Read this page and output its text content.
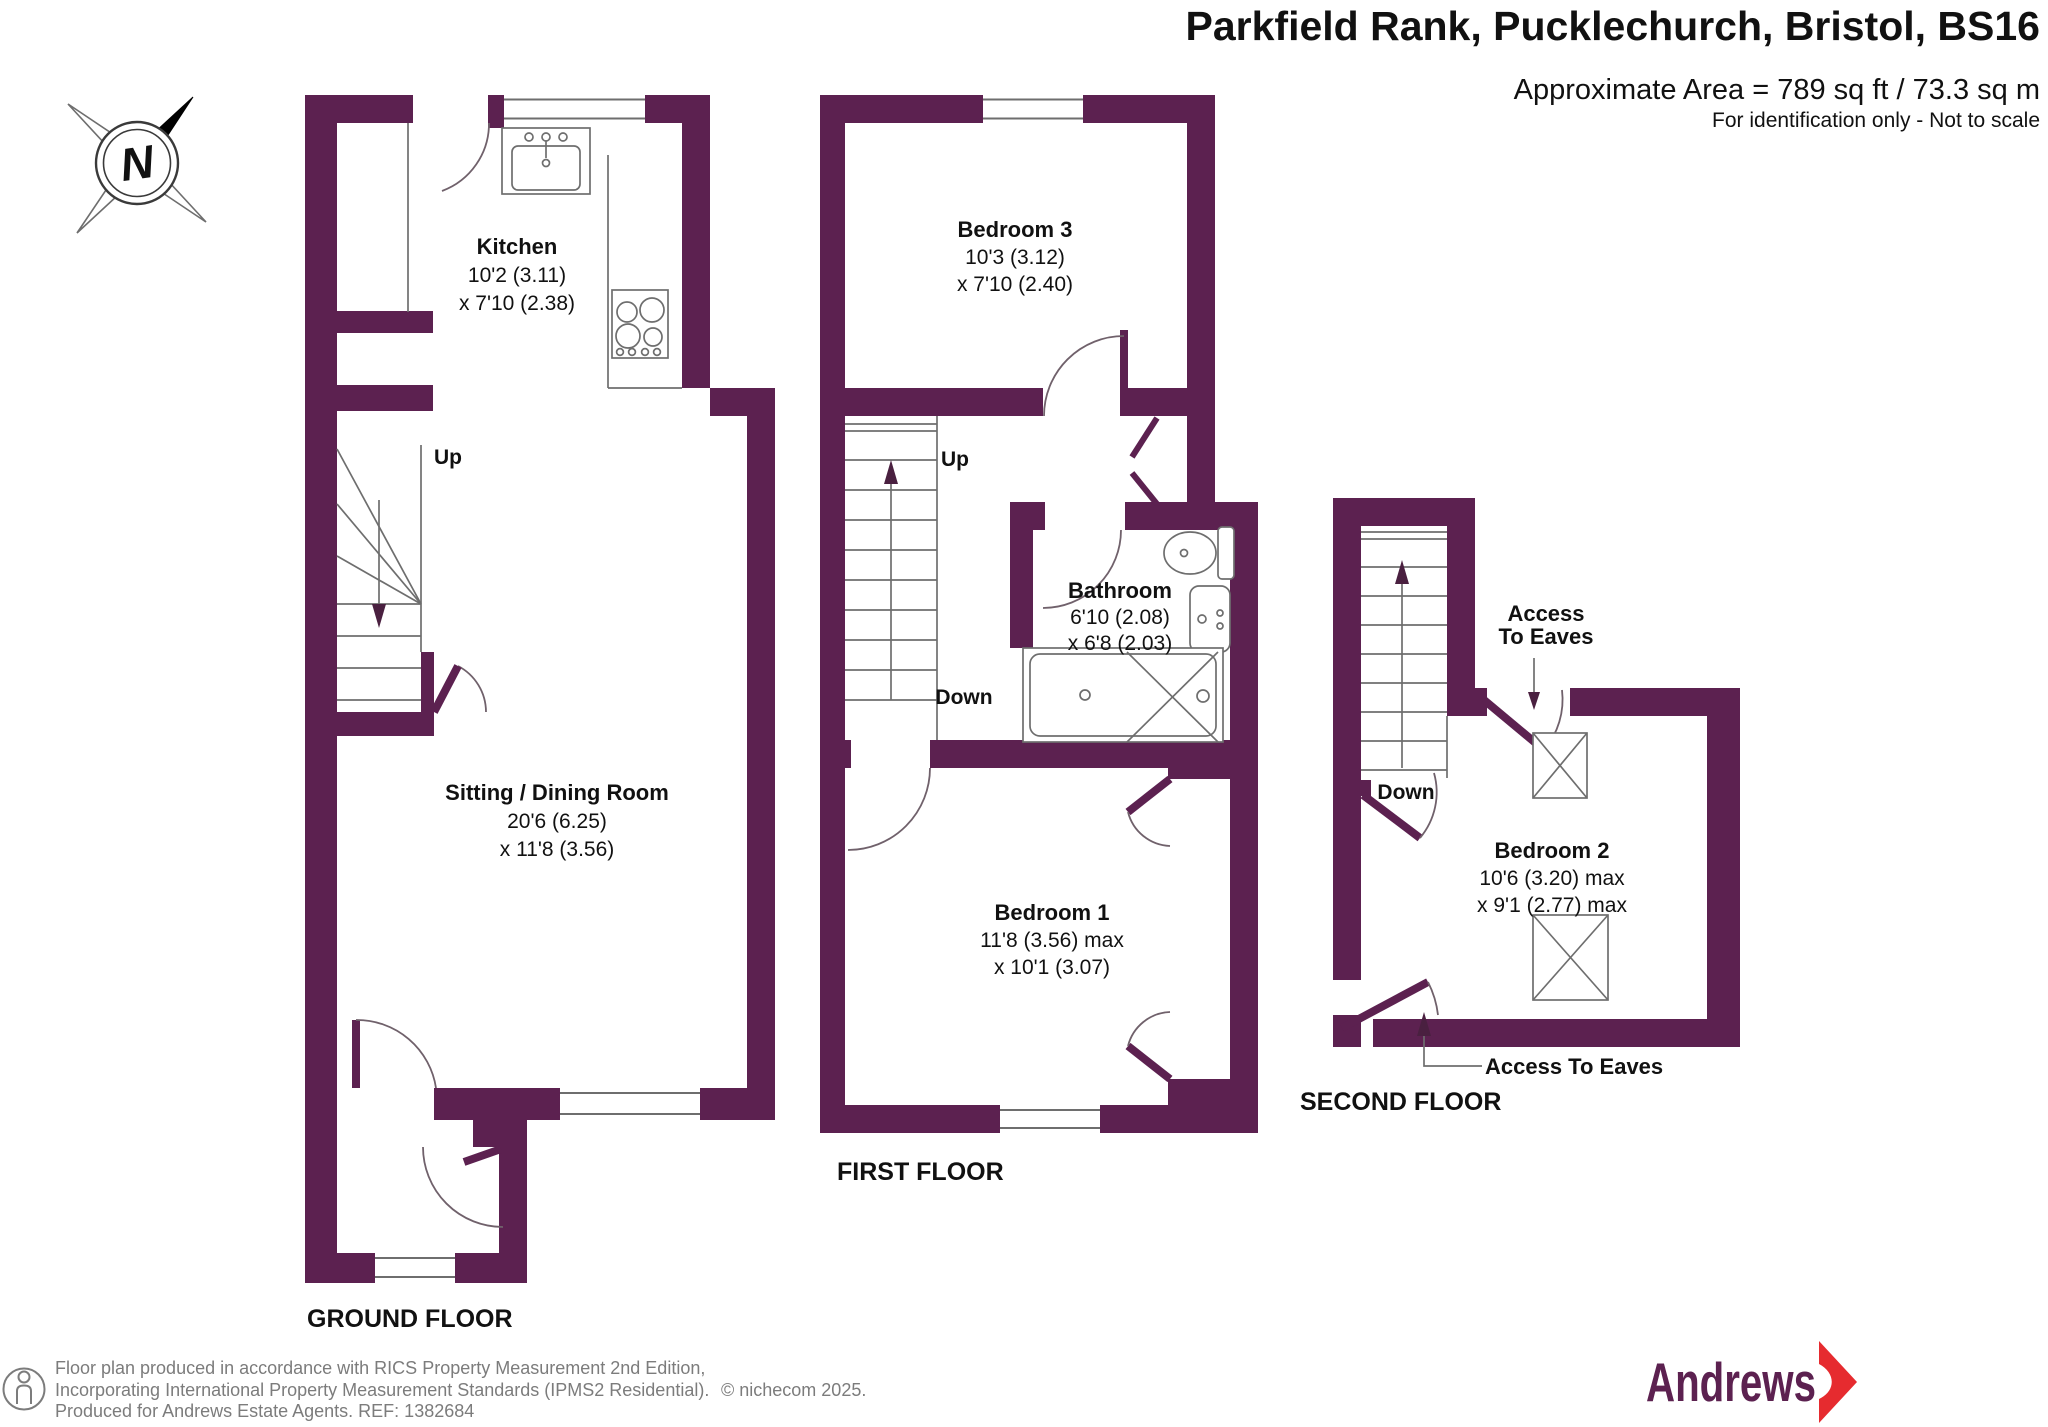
Parkfield Rank, Pucklechurch, Bristol, BS16
Approximate Area = 789 sq ft / 73.3 sq m
For identification only - Not to scale
N
Kitchen
10'2 (3.11)
x 7'10 (2.38)
Up
Sitting / Dining Room
20'6 (6.25)
x 11'8 (3.56)
GROUND FLOOR
Bedroom 3
10'3 (3.12)
x 7'10 (2.40)
Up
Down
Bathroom
6'10 (2.08)
x 6'8 (2.03)
Bedroom 1
11'8 (3.56) max
x 10'1 (3.07)
FIRST FLOOR
Access
To Eaves
Down
Bedroom 2
10'6 (3.20) max
x 9'1 (2.77) max
Access To Eaves
SECOND FLOOR
Floor plan produced in accordance with RICS Property Measurement 2nd Edition,
Incorporating International Property Measurement Standards (IPMS2 Residential). © nichecom 2025.
Produced for Andrews Estate Agents. REF: 1382684	Andrews
